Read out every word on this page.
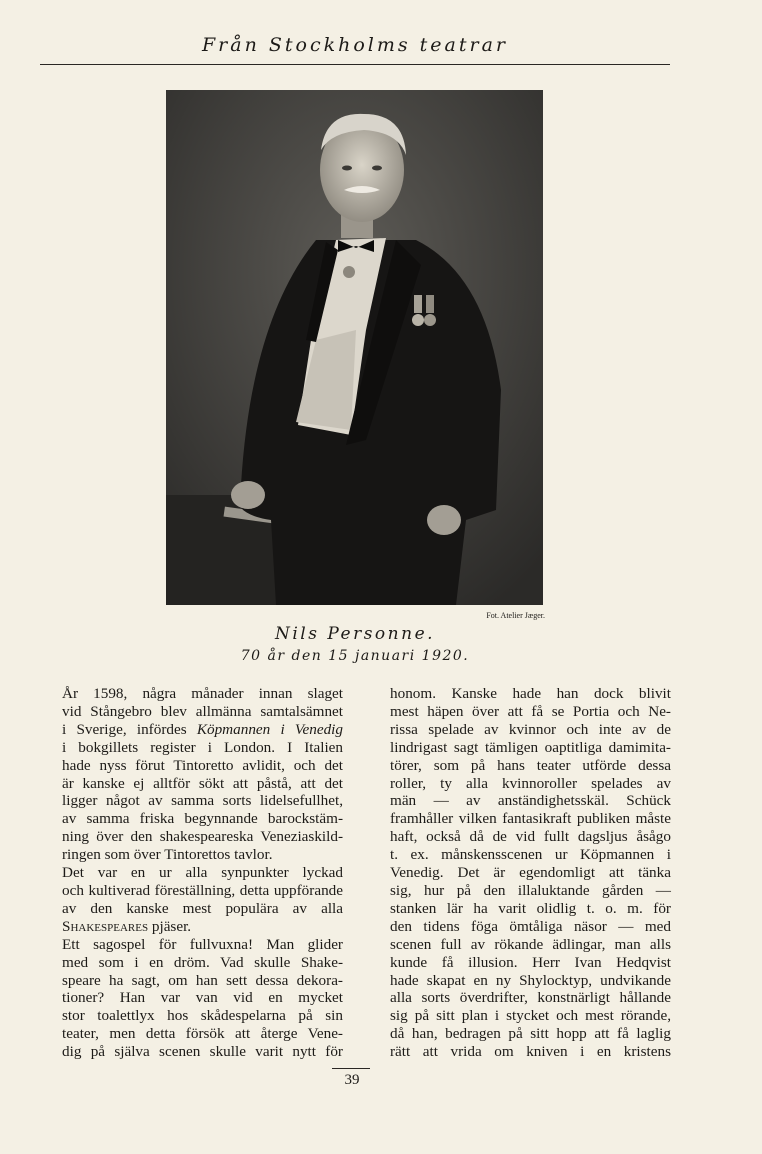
Från Stockholms teatrar
Fot. Atelier Jæger.
Nils Personne.
70 år den 15 januari 1920.
År 1598, några månader innan slaget
vid Stångebro blev allmänna samtalsämnet
i Sverige, infördes Köpmannen i Venedig
i bokgillets register i London. I Italien
hade nyss förut Tintoretto avlidit, och det
är kanske ej alltför sökt att påstå, att det
ligger något av samma sorts lidelsefullhet,
av samma friska begynnande barockstäm-
ning över den shakespeareska Veneziaskild-
ringen som över Tintorettos tavlor.
Det var en ur alla synpunkter lyckad
och kultiverad föreställning, detta uppförande
av den kanske mest populära av alla
Shakespeares pjäser.
Ett sagospel för fullvuxna! Man glider
med som i en dröm. Vad skulle Shake-
speare ha sagt, om han sett dessa dekora-
tioner? Han var van vid en mycket
stor toalettlyx hos skådespelarna på sin
teater, men detta försök att återge Vene-
dig på själva scenen skulle varit nytt för
honom. Kanske hade han dock blivit
mest häpen över att få se Portia och Ne-
rissa spelade av kvinnor och inte av de
lindrigast sagt tämligen oaptitliga damimita-
törer, som på hans teater utförde dessa
roller, ty alla kvinnoroller spelades av
män — av anständighetsskäl. Schück
framhåller vilken fantasikraft publiken måste
haft, också då de vid fullt dagsljus åsågo
t. ex. månskensscenen ur Köpmannen i
Venedig. Det är egendomligt att tänka
sig, hur på den illaluktande gården —
stanken lär ha varit olidlig t. o. m. för
den tidens föga ömtåliga näsor — med
scenen full av rökande ädlingar, man alls
kunde få illusion. Herr Ivan Hedqvist
hade skapat en ny Shylocktyp, undvikande
alla sorts överdrifter, konstnärligt hållande
sig på sitt plan i stycket och mest rörande,
då han, bedragen på sitt hopp att få laglig
rätt att vrida om kniven i en kristens
39
